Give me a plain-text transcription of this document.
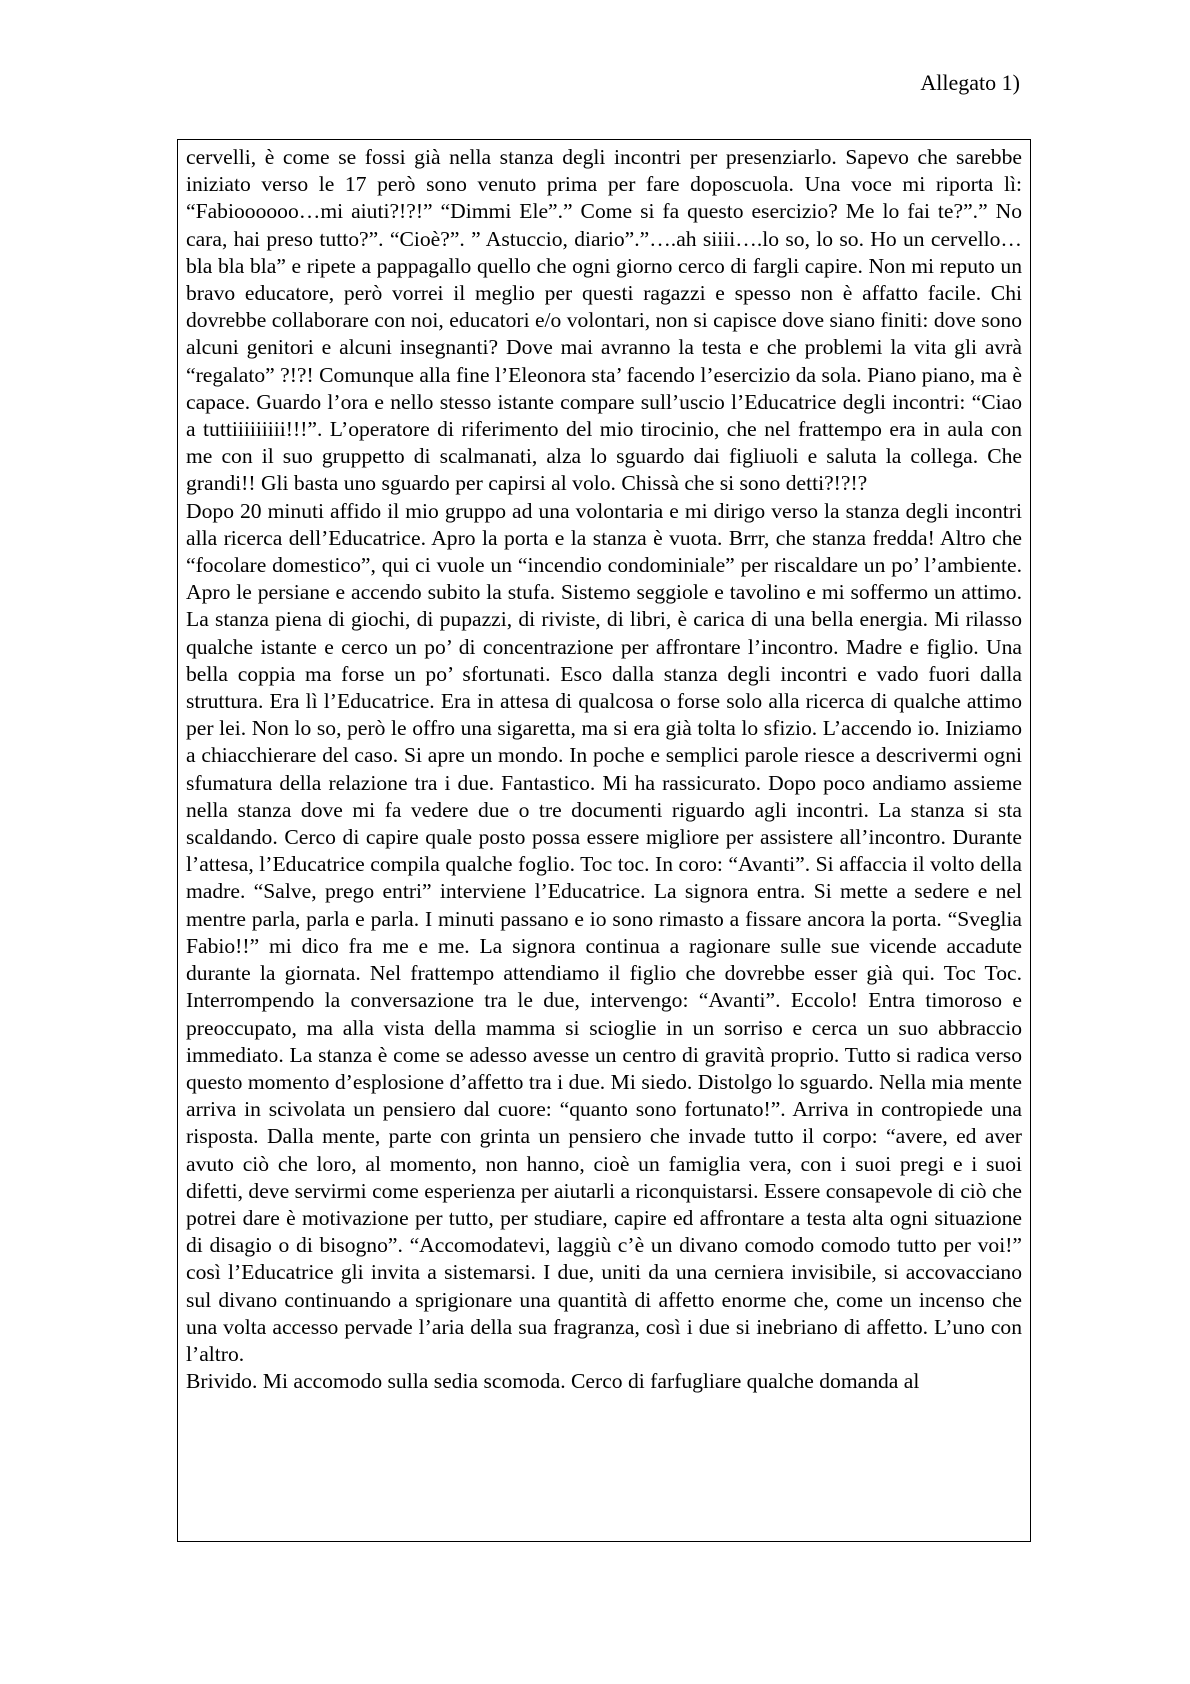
Allegato 1)

cervelli, è come se fossi già nella stanza degli incontri per presenziarlo. Sapevo che sarebbe iniziato verso le 17 però sono venuto prima per fare doposcuola. Una voce mi riporta lì: “Fabioooooo…mi aiuti?!?!” “Dimmi Ele”.” Come si fa questo esercizio? Me lo fai te?”.” No cara, hai preso tutto?”. “Cioè?”. ” Astuccio, diario”.”….ah siiii….lo so, lo so. Ho un cervello…bla bla bla” e ripete a pappagallo quello che ogni giorno cerco di fargli capire. Non mi reputo un bravo educatore, però vorrei il meglio per questi ragazzi e spesso non è affatto facile. Chi dovrebbe collaborare con noi, educatori e/o volontari, non si capisce dove siano finiti: dove sono alcuni genitori e alcuni insegnanti? Dove mai avranno la testa e che problemi la vita gli avrà “regalato” ?!?! Comunque alla fine l’Eleonora sta’ facendo l’esercizio da sola. Piano piano, ma è capace. Guardo l’ora e nello stesso istante compare sull’uscio l’Educatrice degli incontri: “Ciao a tuttiiiiiiiii!!!”. L’operatore di riferimento del mio tirocinio, che nel frattempo era in aula con me con il suo gruppetto di scalmanati, alza lo sguardo dai figliuoli e saluta la collega. Che grandi!! Gli basta uno sguardo per capirsi al volo. Chissà che si sono detti?!?!?

Dopo 20 minuti affido il mio gruppo ad una volontaria e mi dirigo verso la stanza degli incontri alla ricerca dell’Educatrice. Apro la porta e la stanza è vuota. Brrr, che stanza fredda! Altro che “focolare domestico”, qui ci vuole un “incendio condominiale” per riscaldare un po’ l’ambiente. Apro le persiane e accendo subito la stufa. Sistemo seggiole e tavolino e mi soffermo un attimo. La stanza piena di giochi, di pupazzi, di riviste, di libri, è carica di una bella energia. Mi rilasso qualche istante e cerco un po’ di concentrazione per affrontare l’incontro. Madre e figlio. Una bella coppia ma forse un po’ sfortunati. Esco dalla stanza degli incontri e vado fuori dalla struttura. Era lì l’Educatrice. Era in attesa di qualcosa o forse solo alla ricerca di qualche attimo per lei. Non lo so, però le offro una sigaretta, ma si era già tolta lo sfizio. L’accendo io. Iniziamo a chiacchierare del caso. Si apre un mondo. In poche e semplici parole riesce a descrivermi ogni sfumatura della relazione tra i due. Fantastico. Mi ha rassicurato. Dopo poco andiamo assieme nella stanza dove mi fa vedere due o tre documenti riguardo agli incontri. La stanza si sta scaldando. Cerco di capire quale posto possa essere migliore per assistere all’incontro. Durante l’attesa, l’Educatrice compila qualche foglio. Toc toc. In coro: “Avanti”. Si affaccia il volto della madre. “Salve, prego entri” interviene l’Educatrice. La signora entra. Si mette a sedere e nel mentre parla, parla e parla. I minuti passano e io sono rimasto a fissare ancora la porta. “Sveglia Fabio!!” mi dico fra me e me. La signora continua a ragionare sulle sue vicende accadute durante la giornata. Nel frattempo attendiamo il figlio che dovrebbe esser già qui. Toc Toc. Interrompendo la conversazione tra le due, intervengo: “Avanti”. Eccolo! Entra timoroso e preoccupato, ma alla vista della mamma si scioglie in un sorriso e cerca un suo abbraccio immediato. La stanza è come se adesso avesse un centro di gravità proprio. Tutto si radica verso questo momento d’esplosione d’affetto tra i due. Mi siedo. Distolgo lo sguardo. Nella mia mente arriva in scivolata un pensiero dal cuore: “quanto sono fortunato!”. Arriva in contropiede una risposta. Dalla mente, parte con grinta un pensiero che invade tutto il corpo: “avere, ed aver avuto ciò che loro, al momento, non hanno, cioè un famiglia vera, con i suoi pregi e i suoi difetti, deve servirmi come esperienza per aiutarli a riconquistarsi. Essere consapevole di ciò che potrei dare è motivazione per tutto, per studiare, capire ed affrontare a testa alta ogni situazione di disagio o di bisogno”. “Accomodatevi, laggiù c’è un divano comodo comodo tutto per voi!” così l’Educatrice gli invita a sistemarsi. I due, uniti da una cerniera invisibile, si accovacciano sul divano continuando a sprigionare una quantità di affetto enorme che, come un incenso che una volta accesso pervade l’aria della sua fragranza, così i due si inebriano di affetto. L’uno con l’altro.

Brivido. Mi accomodo sulla sedia scomoda. Cerco di farfugliare qualche domanda al
